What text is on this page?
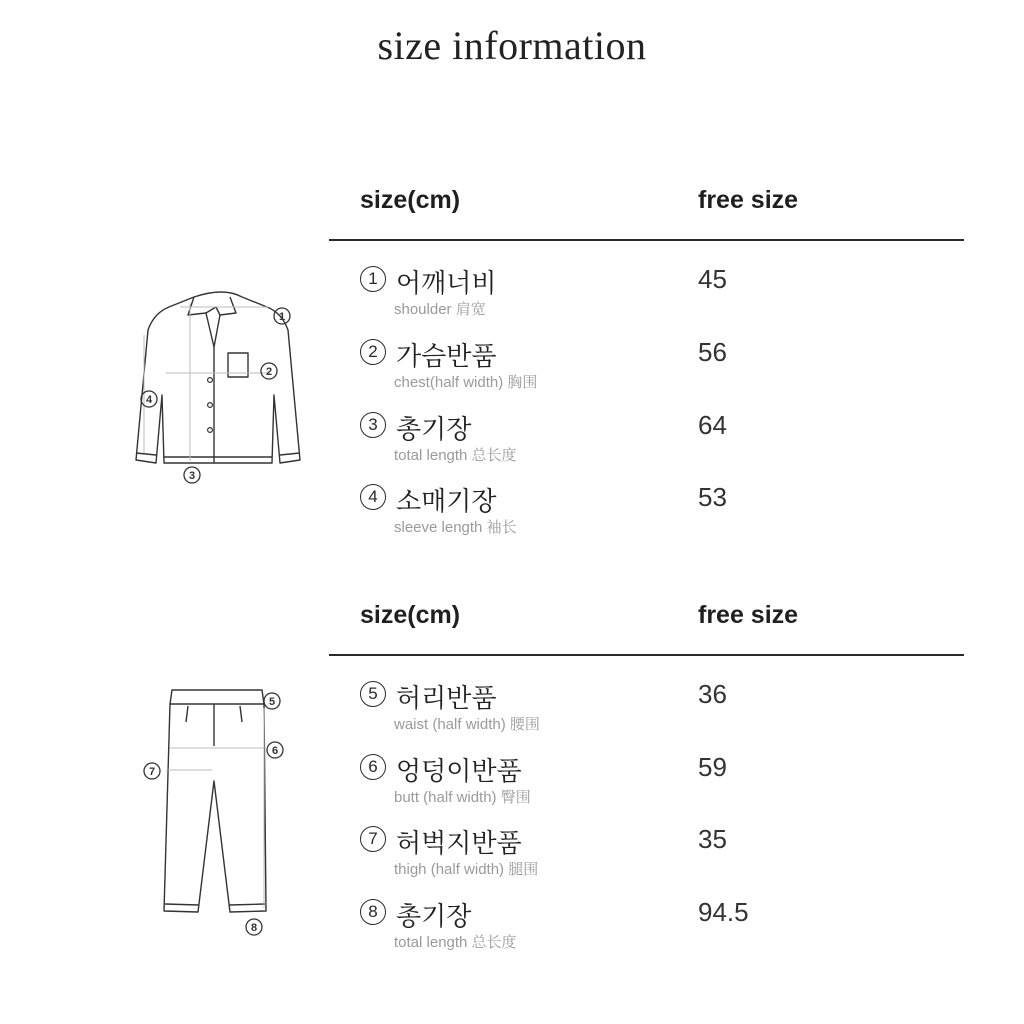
size information
1
2
3
4
5
6
7
8
size(cm)	free size
1 어깨너비
shoulder 肩宽
45
2 가슴반품
chest(half width) 胸围
56
3 총기장
total length 总长度
64
4 소매기장
sleeve length 袖长
53
size(cm)	free size
5 허리반품
waist (half width) 腰围
36
6 엉덩이반품
butt (half width) 臀围
59
7 허벅지반품
thigh (half width) 腿围
35
8 총기장
total length 总长度
94.5
